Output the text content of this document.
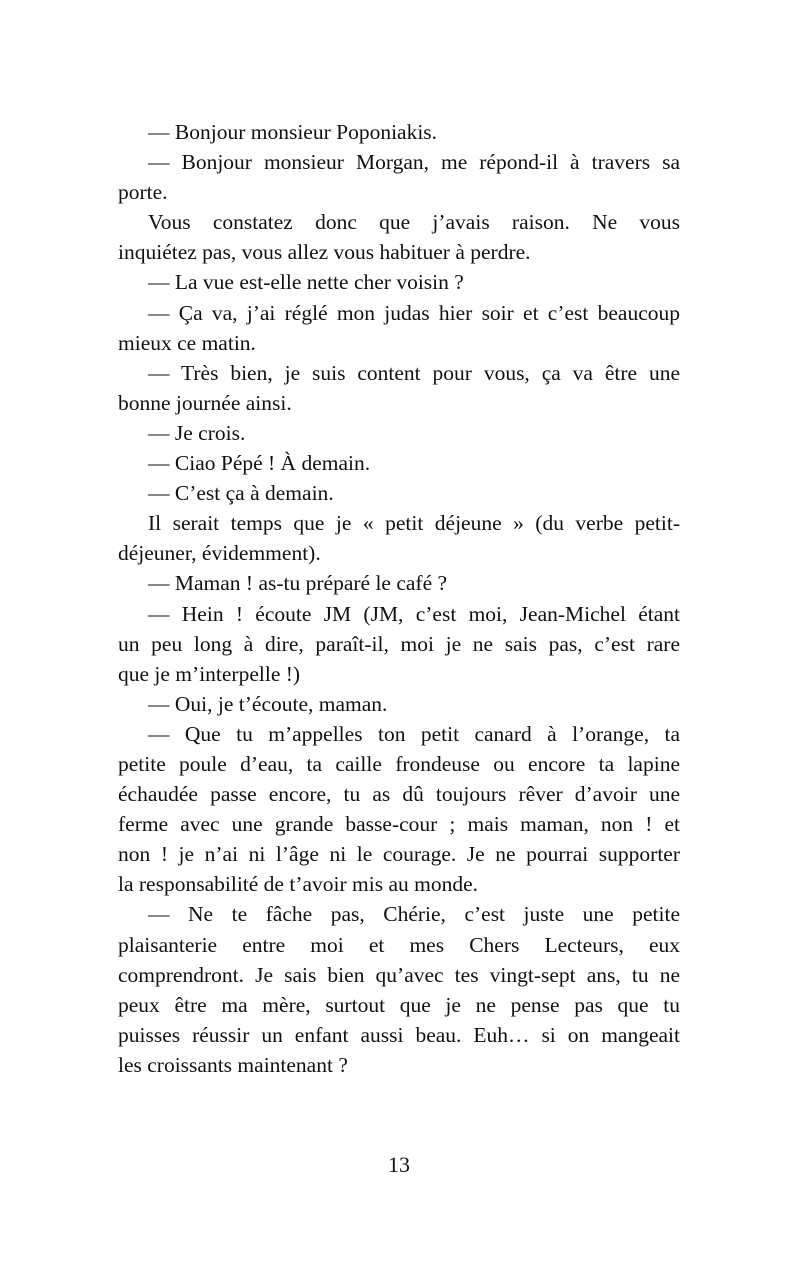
— Bonjour monsieur Poponiakis.
— Bonjour monsieur Morgan, me répond-il à travers sa
porte.
Vous constatez donc que j’avais raison. Ne vous
inquiétez pas, vous allez vous habituer à perdre.
— La vue est-elle nette cher voisin ?
— Ça va, j’ai réglé mon judas hier soir et c’est beaucoup
mieux ce matin.
— Très bien, je suis content pour vous, ça va être une
bonne journée ainsi.
— Je crois.
— Ciao Pépé ! À demain.
— C’est ça à demain.
Il serait temps que je « petit déjeune » (du verbe petit-
déjeuner, évidemment).
— Maman ! as-tu préparé le café ?
— Hein ! écoute JM (JM, c’est moi, Jean-Michel étant
un peu long à dire, paraît-il, moi je ne sais pas, c’est rare
que je m’interpelle !)
— Oui, je t’écoute, maman.
— Que tu m’appelles ton petit canard à l’orange, ta
petite poule d’eau, ta caille frondeuse ou encore ta lapine
échaudée passe encore, tu as dû toujours rêver d’avoir une
ferme avec une grande basse-cour ; mais maman, non ! et
non ! je n’ai ni l’âge ni le courage. Je ne pourrai supporter
la responsabilité de t’avoir mis au monde.
— Ne te fâche pas, Chérie, c’est juste une petite
plaisanterie entre moi et mes Chers Lecteurs, eux
comprendront. Je sais bien qu’avec tes vingt-sept ans, tu ne
peux être ma mère, surtout que je ne pense pas que tu
puisses réussir un enfant aussi beau. Euh… si on mangeait
les croissants maintenant ?
13
